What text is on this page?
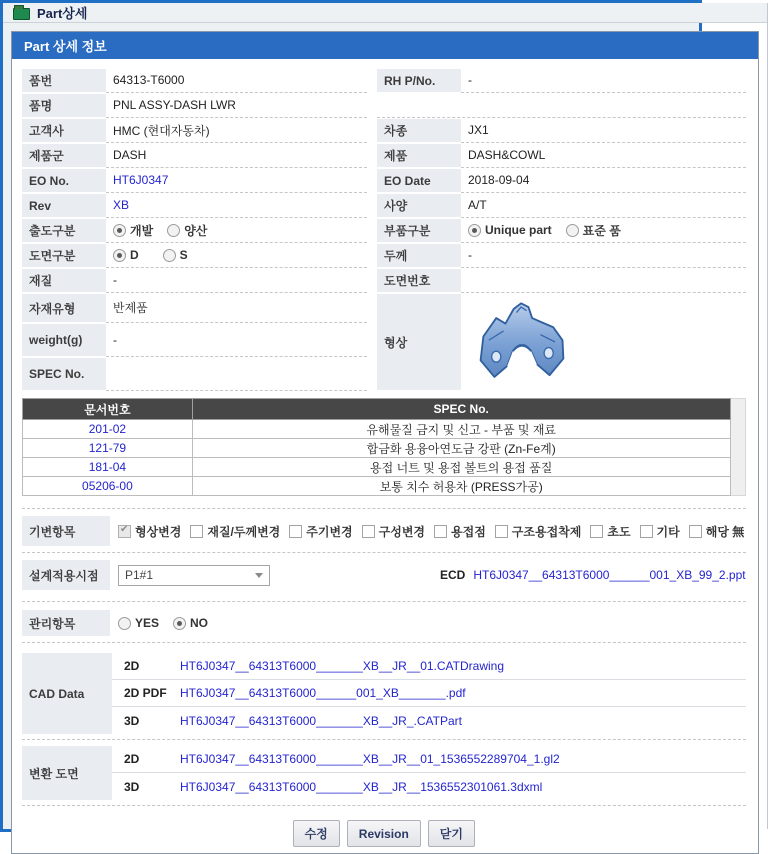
Part상세
Part 상세 정보
품번	64313-T6000
품명	PNL ASSY-DASH LWR
고객사	HMC (현대자동차)
제품군	DASH
EO No.	HT6J0347
Rev	XB
출도구분	개발	양산
도면구분	D	S
재질	-
자재유형	반제품
weight(g)	-
SPEC No.
RH P/No.	-
차종	JX1
제품	DASH&COWL
EO Date	2018-09-04
사양	A/T
부품구분	Unique part	표준 품
두께	-
도면번호
형상
문서번호	SPEC No.
201-02	유해물질 금지 및 신고 - 부품 및 재료
121-79	합금화 용융아연도금 강판 (Zn-Fe계)
181-04	용접 너트 및 용접 볼트의 용접 품질
05206-00	보통 치수 허용차 (PRESS가공)
기변항목
✔	형상변경 재질/두께변경 주기변경 구성변경 용접점 구조용접착제 초도 기타 해당 無
설계적용시점	P1#1	ECD HT6J0347__64313T6000______001_XB_99_2.ppt
관리항목	YES	NO
CAD Data
2D	HT6J0347__64313T6000_______XB__JR__01.CATDrawing
2D PDF	HT6J0347__64313T6000______001_XB_______.pdf
3D	HT6J0347__64313T6000_______XB__JR_.CATPart
변환 도면
2D	HT6J0347__64313T6000_______XB__JR__01_1536552289704_1.gl2
3D	HT6J0347__64313T6000_______XB__JR__1536552301061.3dxml
수정	Revision	닫기
